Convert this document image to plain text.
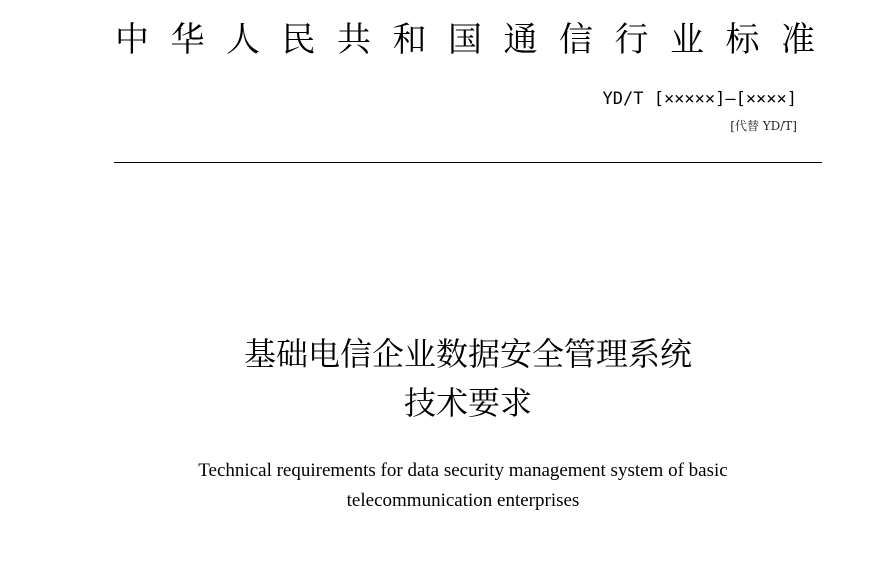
中 华 人 民 共 和 国 通 信 行 业 标 准
YD/T [×××××]—[××××]
[代替 YD/T]
基础电信企业数据安全管理系统
技术要求
Technical requirements for data security management system of basic
telecommunication enterprises
